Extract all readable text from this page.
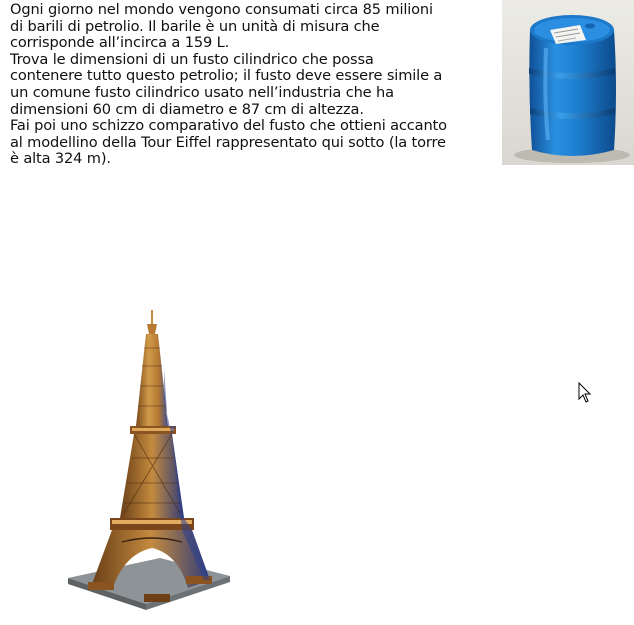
Ogni giorno nel mondo vengono consumati circa 85 milioni

di barili di petrolio. Il barile è un unità di misura che

corrisponde all’incirca a 159 L.

Trova le dimensioni di un fusto cilindrico che possa

contenere tutto questo petrolio; il fusto deve essere simile a

un comune fusto cilindrico usato nell’industria che ha

dimensioni 60 cm di diametro e 87 cm di altezza.

Fai poi uno schizzo comparativo del fusto che ottieni accanto

al modellino della Tour Eiffel rappresentato qui sotto (la torre

è alta 324 m).
